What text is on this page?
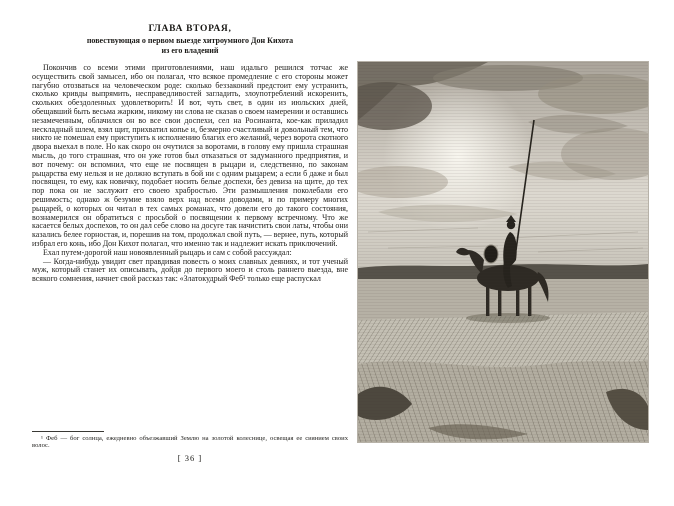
ГЛАВА ВТОРАЯ,
повествующая о первом выезде хитроумного Дон Кихота
из его владений

Покончив со всеми этими приготовлениями, наш идальго решился тотчас же осуществить свой замысел, ибо он полагал, что всякое промедление с его стороны может пагубно отозваться на человеческом роде: сколько беззаконий предстоит ему устранить, сколько кривды выпрямить, несправедливостей загладить, злоупотреблений искоренить, скольких обездоленных удовлетворить! И вот, чуть свет, в один из июльских дней, обещавший быть весьма жарким, никому ни слова не сказав о своем намерении и оставшись незамеченным, облачился он во все свои доспехи, сел на Росинанта, кое-как приладил нескладный шлем, взял щит, прихватил копье и, безмерно счастливый и довольный тем, что никто не помешал ему приступить к исполнению благих его желаний, через ворота скотного двора выехал в поле. Но как скоро он очутился за воротами, в голову ему пришла страшная мысль, до того страшная, что он уже готов был отказаться от задуманного предприятия, и вот почему: он вспомнил, что еще не посвящен в рыцари и, следственно, по законам рыцарства ему нельзя и не должно вступать в бой ни с одним рыцарем; а если б даже и был посвящен, то ему, как новичку, подобает носить белые доспехи, без девиза на щите, до тех пор пока он не заслужит его своею храбростью. Эти размышления поколебали его решимость; однако ж безумие взяло верх над всеми доводами, и по примеру многих рыцарей, о которых он читал в тех самых романах, что довели его до такого состояния, вознамерился он обратиться с просьбой о посвящении к первому встречному. Что же касается белых доспехов, то он дал себе слово на досуге так начистить свои латы, чтобы они казались белее горностая, и, порешив на том, продолжал свой путь, — вернее, путь, который избрал его конь, ибо Дон Кихот полагал, что именно так и надлежит искать приключений.

Ехал путем-дорогой наш новоявленный рыцарь и сам с собой рассуждал:

— Когда-нибудь увидит свет правдивая повесть о моих славных деяниях, и тот ученый муж, который станет их описывать, дойдя до первого моего и столь раннего выезда, вне всякого сомнения, начнет свой рассказ так: «Златокудрый Феб¹ только еще распускал

¹ Феб — бог солнца, ежедневно объезжавший Землю на золотой колеснице, освещая ее сиянием своих волос.
[ 36 ]
